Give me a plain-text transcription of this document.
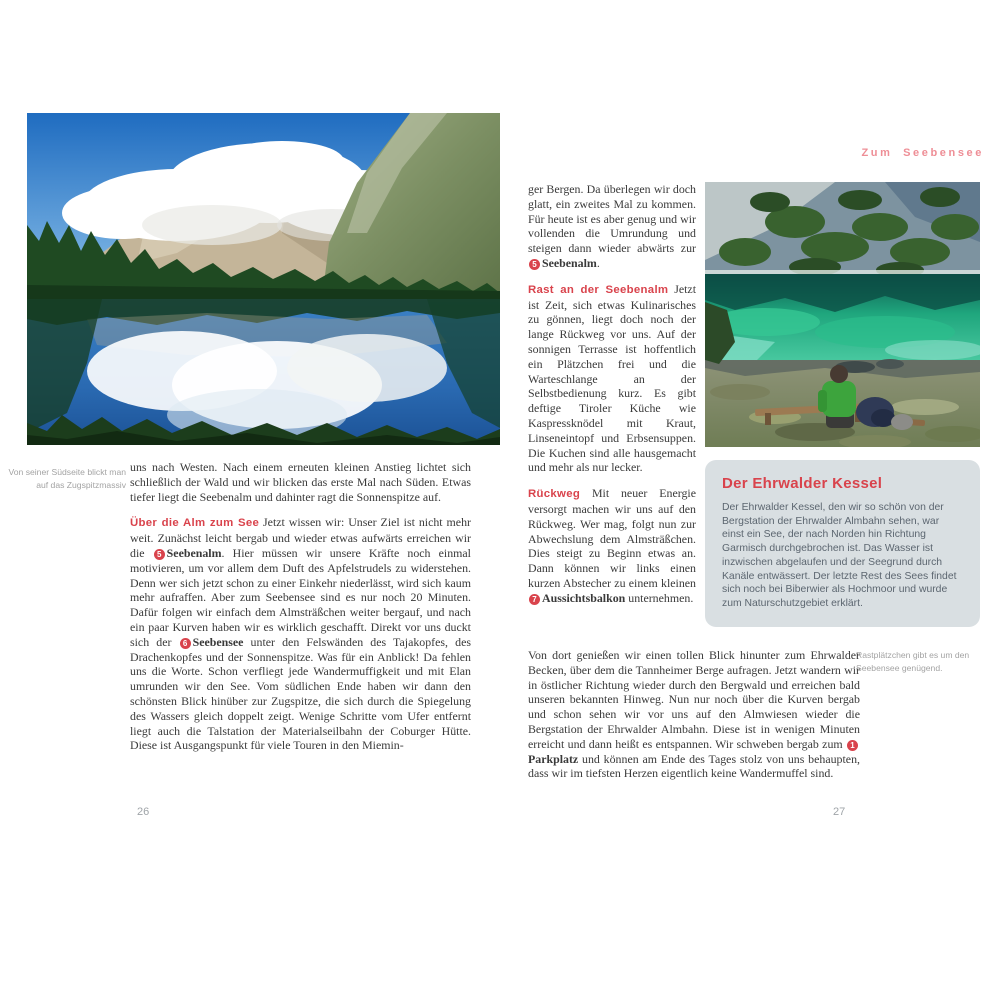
Zum Seebensee
Von seiner Südseite blickt man auf das Zugspitzmassiv

uns nach Westen. Nach einem erneuten kleinen Anstieg lichtet sich schließlich der Wald und wir blicken das erste Mal nach Süden. Etwas tiefer liegt die Seebenalm und dahinter ragt die Sonnenspitze auf.

Über die Alm zum See Jetzt wissen wir: Unser Ziel ist nicht mehr weit. Zunächst leicht bergab und wieder etwas aufwärts erreichen wir die 5 Seebenalm. Hier müssen wir unsere Kräfte noch einmal motivieren, um vor allem dem Duft des Apfelstrudels zu widerstehen. Denn wer sich jetzt schon zu einer Einkehr niederlässt, wird sich kaum mehr aufraffen. Aber zum Seebensee sind es nur noch 20 Minuten. Dafür folgen wir einfach dem Almsträßchen weiter bergauf, und nach ein paar Kurven haben wir es wirklich geschafft. Direkt vor uns duckt sich der 6 Seebensee unter den Felswänden des Tajakopfes, des Drachenkopfes und der Sonnenspitze. Was für ein Anblick! Da fehlen uns die Worte. Schon verfliegt jede Wandermuffigkeit und mit Elan umrunden wir den See. Vom südlichen Ende haben wir dann den schönsten Blick hinüber zur Zugspitze, die sich durch die Spiegelung des Wassers gleich doppelt zeigt. Wenige Schritte vom Ufer entfernt liegt auch die Talstation der Materialseilbahn der Coburger Hütte. Diese ist Ausgangspunkt für viele Touren in den Miemin-

26

ger Bergen. Da überlegen wir doch glatt, ein zweites Mal zu kommen. Für heute ist es aber genug und wir vollenden die Umrundung und steigen dann wieder abwärts zur 5 Seebenalm.

Rast an der Seebenalm Jetzt ist Zeit, sich etwas Kulinarisches zu gönnen, liegt doch noch der lange Rückweg vor uns. Auf der sonnigen Terrasse ist hoffentlich ein Plätzchen frei und die Warteschlange an der Selbstbedienung kurz. Es gibt deftige Tiroler Küche wie Kaspressknödel mit Kraut, Linseneintopf und Erbsensuppen. Die Kuchen sind alle hausgemacht und mehr als nur lecker.

Rückweg Mit neuer Energie versorgt machen wir uns auf den Rückweg. Wer mag, folgt nun zur Abwechslung dem Almsträßchen. Dies steigt zu Beginn etwas an. Dann können wir links einen kurzen Abstecher zu einem kleinen 7 Aussichtsbalkon unternehmen.

Der Ehrwalder Kessel

Der Ehrwalder Kessel, den wir so schön von der Bergstation der Ehrwalder Almbahn sehen, war einst ein See, der nach Norden hin Richtung Garmisch durchgebrochen ist. Das Wasser ist inzwischen abgelaufen und der Seegrund durch Kanäle entwässert. Der letzte Rest des Sees findet sich noch bei Biberwier als Hochmoor und wurde zum Naturschutzgebiet erklärt.

Rastplätzchen gibt es um den Seebensee genügend.

Von dort genießen wir einen tollen Blick hinunter zum Ehrwalder Becken, über dem die Tannheimer Berge aufragen. Jetzt wandern wir in östlicher Richtung wieder durch den Bergwald und erreichen bald unseren bekannten Hinweg. Nun nur noch über die Kurven bergab und schon sehen wir vor uns auf den Almwiesen wieder die Bergstation der Ehrwalder Almbahn. Diese ist in wenigen Minuten erreicht und dann heißt es entspannen. Wir schweben bergab zum 1Parkplatz und können am Ende des Tages stolz von uns behaupten, dass wir im tiefsten Herzen eigentlich keine Wandermuffel sind.

27
